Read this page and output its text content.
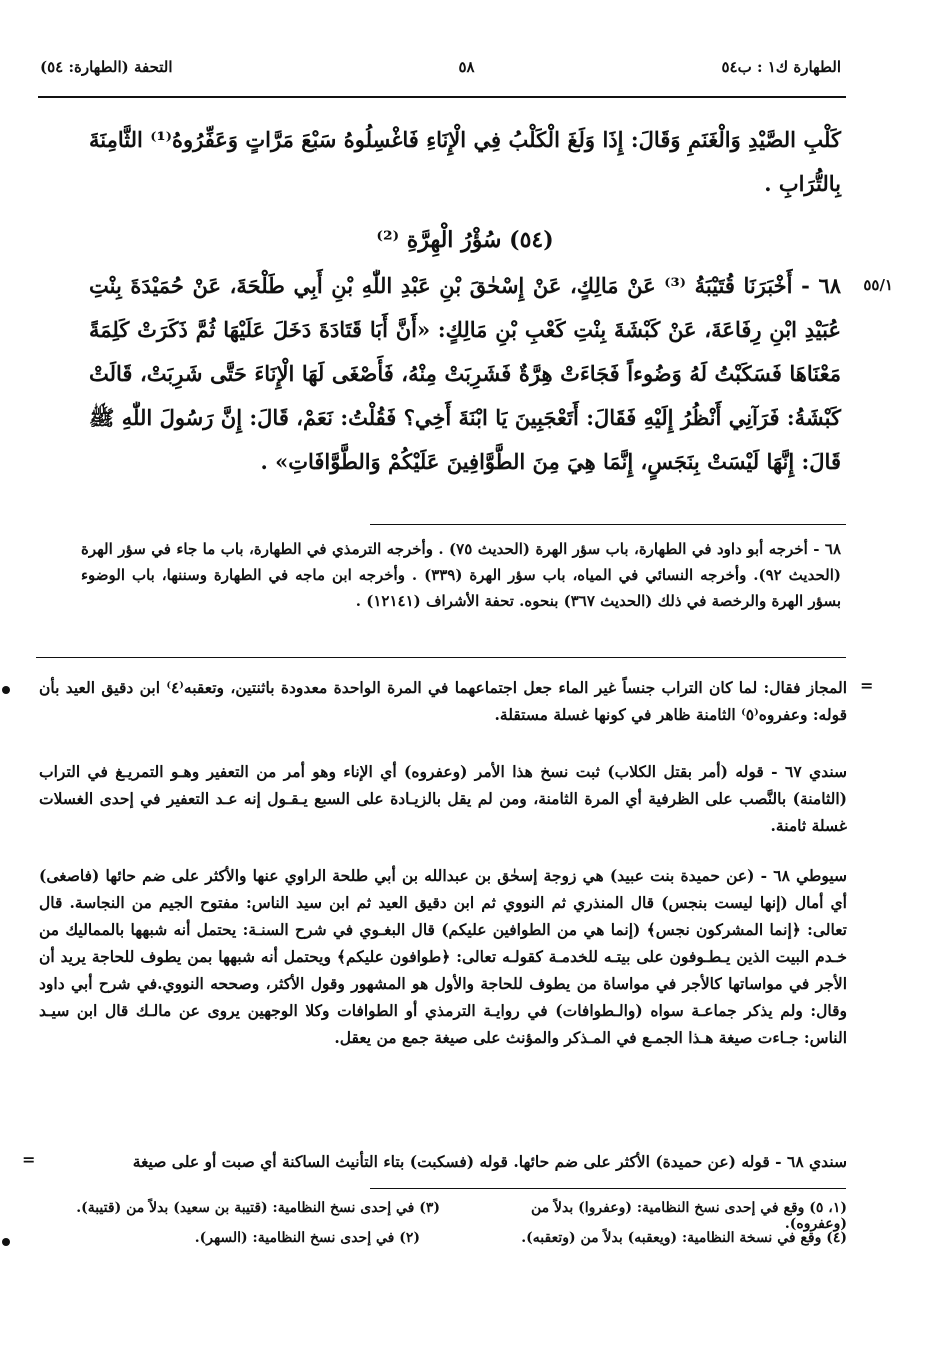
الطهارة ك١ : ب٥٤
٥٨
التحفة (الطهارة: ٥٤)
كَلْبِ الصَّيْدِ وَالْغَنَمِ وَقَالَ: إِذَا وَلَغَ الْكَلْبُ فِي الْإِنَاءِ فَاغْسِلُوهُ سَبْعَ مَرَّاتٍ وَعَفِّرُوهُ⁽¹⁾ الثَّامِنَةَ بِالتُّرَابِ .
(٥٤) سُؤْرُ الْهِرَّةِ ⁽²⁾
٥٥/١
٦٨ - أَخْبَرَنَا قُتَيْبَةُ ⁽³⁾ عَنْ مَالِكٍ، عَنْ إِسْحٰقَ بْنِ عَبْدِ اللّٰهِ بْنِ أَبِي طَلْحَةَ، عَنْ حُمَيْدَةَ بِنْتِ عُبَيْدِ ابْنِ رِفَاعَةَ، عَنْ كَبْشَةَ بِنْتِ كَعْبِ بْنِ مَالِكٍ: «أَنَّ أَبَا قَتَادَةَ دَخَلَ عَلَيْهَا ثُمَّ ذَكَرَتْ كَلِمَةً مَعْنَاهَا فَسَكَبْتُ لَهُ وَضُوءاً فَجَاءَتْ هِرَّةٌ فَشَرِبَتْ مِنْهُ، فَأَصْغَى لَهَا الْإِنَاءَ حَتَّى شَرِبَتْ، قَالَتْ كَبْشَةُ: فَرَآنِي أَنْظُرُ إِلَيْهِ فَقَالَ: أَتَعْجَبِينَ يَا ابْنَةَ أَخِي؟ فَقُلْتُ: نَعَمْ، قَالَ: إِنَّ رَسُولَ اللّٰهِ ﷺ قَالَ: إِنَّهَا لَيْسَتْ بِنَجَسٍ، إِنَّمَا هِيَ مِنَ الطَّوَّافِينَ عَلَيْكُمْ وَالطَّوَّافَاتِ» .
٦٨ - أخرجه أبو داود في الطهارة، باب سؤر الهرة (الحديث ٧٥) . وأخرجه الترمذي في الطهارة، باب ما جاء في سؤر الهرة (الحديث ٩٢). وأخرجه النسائي في المياه، باب سؤر الهرة (٣٣٩) . وأخرجه ابن ماجه في الطهارة وسننها، باب الوضوء بسؤر الهرة والرخصة في ذلك (الحديث ٣٦٧) بنحوه. تحفة الأشراف (١٢١٤١) .
=
المجاز فقال: لما كان التراب جنساً غير الماء جعل اجتماعهما في المرة الواحدة معدودة باثنتين، وتعقبه⁽٤⁾ ابن دقيق العيد بأن قوله: وعفروه⁽٥⁾ الثامنة ظاهر في كونها غسلة مستقلة.
سندي ٦٧ - قوله (أمر بقتل الكلاب) ثبت نسخ هذا الأمر (وعفروه) أي الإناء وهو أمر من التعفير وهـو التمريـغ في التراب (الثامنة) بالنَّصب على الظرفية أي المرة الثامنة، ومن لم يقل بالزيـادة على السبع يـقـول إنه عـد التعفير في إحدى الغسلات غسلة ثامنة.
سيوطي ٦٨ - (عن حميدة بنت عبيد) هي زوجة إسحٰق بن عبدالله بن أبي طلحة الراوي عنها والأكثر على ضم حائها (فاصغى) أي أمال (إنها ليست بنجس) قال المنذري ثم النووي ثم ابن دقيق العيد ثم ابن سيد الناس: مفتوح الجيم من النجاسة. قال تعالى: ﴿إنما المشركون نجس﴾ (إنما هي من الطوافين عليكم) قال البغـوي في شرح السنـة: يحتمل أنه شبهها بالمماليك من خـدم البيت الذين يـطـوفون على بيتـه للخدمـة كقولـه تعالى: ﴿طوافون عليكم﴾ ويحتمل أنه شبهها بمن يطوف للحاجة يريد أن الأجر في مواساتها كالأجر في مواساة من يطوف للحاجة والأول هو المشهور وقول الأكثر، وصححه النووي.في شرح أبي داود وقال: ولم يذكر جماعـة سواه (والـطوافات) في روايـة الترمذي أو الطوافات وكلا الوجهين يروى عن مالـك قال ابن سيـد الناس: جـاءت صيغة هـذا الجمـع في المـذكر والمؤنث على صيغة جمع من يعقل.
سندي ٦٨ - قوله (عن حميدة) الأكثر على ضم حائها. قوله (فسكبت) بتاء التأنيث الساكنة أي صبت أو على صيغة
=
(١، ٥) وقع في إحدى نسخ النظامية: (وعفروا) بدلاً من (وعفروه).
(٣) في إحدى نسخ النظامية: (قتيبة بن سعيد) بدلاً من (قتيبة).
(٤) وقع في نسخة النظامية: (ويعقبه) بدلاً من (وتعقبه).
(٢) في إحدى نسخ النظامية: (السهر).
